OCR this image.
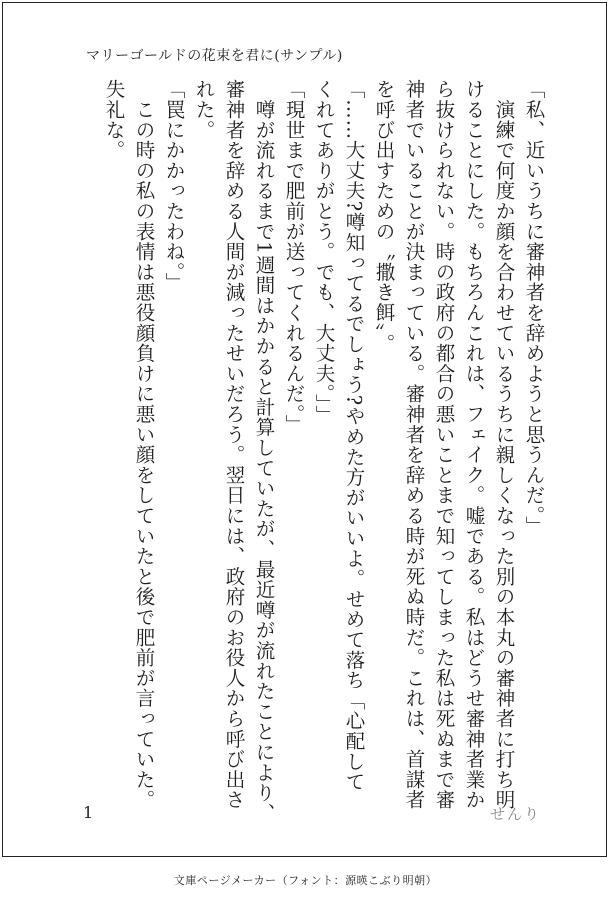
マリーゴールドの花束を君に(サンプル)
「私、近いうちに審神者を辞めようと思うんだ。」
　演練で何度か顔を合わせているうちに親しくなった別の本丸の審神者に打ち明
けることにした。もちろんこれは、フェイク。嘘である。私はどうせ審神者業か
ら抜けられない。時の政府の都合の悪いことまで知ってしまった私は死ぬまで審
神者でいることが決まっている。審神者を辞める時が死ぬ時だ。これは、首謀者
を呼び出すための〝撒き餌〟。
「……大丈夫?噂知ってるでしょう?やめた方がいいよ。せめて落ち「心配して
くれてありがとう。でも、大丈夫。」」
「現世まで肥前が送ってくれるんだ。」
　噂が流れるまで1週間はかかると計算していたが、最近噂が流れたことにより、
審神者を辞める人間が減ったせいだろう。翌日には、政府のお役人から呼び出さ
れた。
「罠にかかったわね。」
　この時の私の表情は悪役顔負けに悪い顔をしていたと後で肥前が言っていた。
失礼な。
1	せんり
文庫ページメーカー（フォント：源暎こぶり明朝）
